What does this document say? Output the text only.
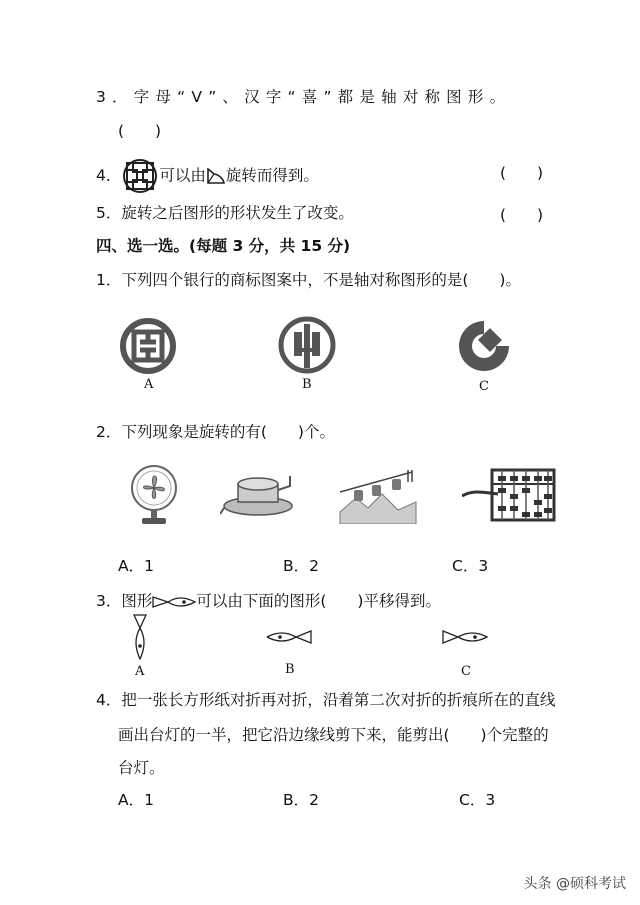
3．字母“V”、汉字“喜”都是轴对称图形。
(　　)
4． 可以由 旋转而得到。	(　　)
5．旋转之后图形的形状发生了改变。	(　　)
四、选一选。(每题 3 分，共 15 分)
1．下列四个银行的商标图案中，不是轴对称图形的是(　　)。
A	B	C
2．下列现象是旋转的有(　　)个。
A．1	B．2	C．3
3．图形	可以由下面的图形(　　)平移得到。
A	B	C
4．把一张长方形纸对折再对折，沿着第二次对折的折痕所在的直线
画出台灯的一半，把它沿边缘线剪下来，能剪出(　　)个完整的
台灯。
A．1	B．2	C．3
头条 @硕科考试
